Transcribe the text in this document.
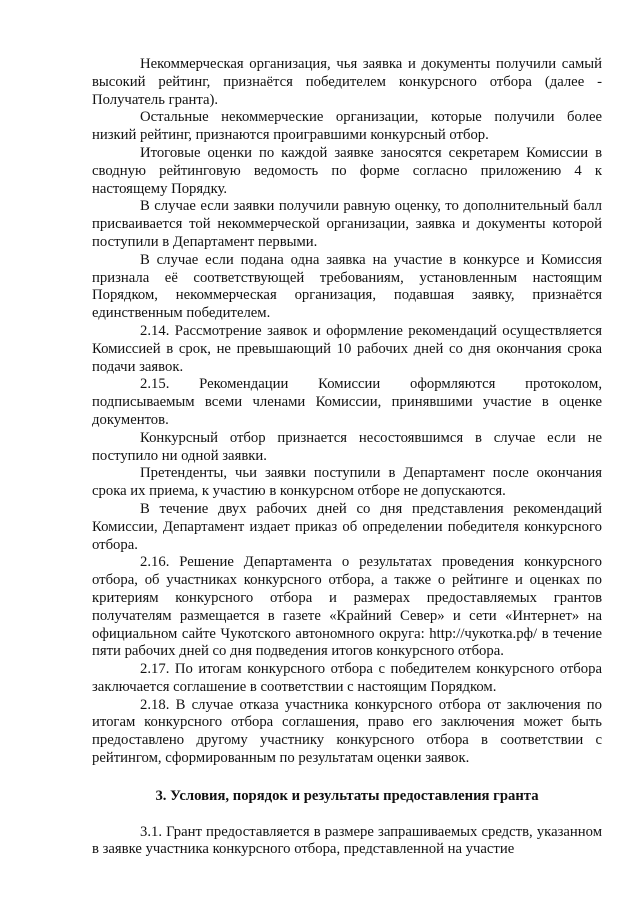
Некоммерческая организация, чья заявка и документы получили самый высокий рейтинг, признаётся победителем конкурсного отбора (далее - Получатель гранта).

Остальные некоммерческие организации, которые получили более низкий рейтинг, признаются проигравшими конкурсный отбор.

Итоговые оценки по каждой заявке заносятся секретарем Комиссии в сводную рейтинговую ведомость по форме согласно приложению 4 к настоящему Порядку.

В случае если заявки получили равную оценку, то дополнительный балл присваивается той некоммерческой организации, заявка и документы которой поступили в Департамент первыми.

В случае если подана одна заявка на участие в конкурсе и Комиссия признала её соответствующей требованиям, установленным настоящим Порядком, некоммерческая организация, подавшая заявку, признаётся единственным победителем.

2.14. Рассмотрение заявок и оформление рекомендаций осуществляется Комиссией в срок, не превышающий 10 рабочих дней со дня окончания срока подачи заявок.

2.15. Рекомендации Комиссии оформляются протоколом, подписываемым всеми членами Комиссии, принявшими участие в оценке документов.

Конкурсный отбор признается несостоявшимся в случае если не поступило ни одной заявки.

Претенденты, чьи заявки поступили в Департамент после окончания срока их приема, к участию в конкурсном отборе не допускаются.

В течение двух рабочих дней со дня представления рекомендаций Комиссии, Департамент издает приказ об определении победителя конкурсного отбора.

2.16. Решение Департамента о результатах проведения конкурсного отбора, об участниках конкурсного отбора, а также о рейтинге и оценках по критериям конкурсного отбора и размерах предоставляемых грантов получателям размещается в газете «Крайний Север» и сети «Интернет» на официальном сайте Чукотского автономного округа: http://чукотка.рф/ в течение пяти рабочих дней со дня подведения итогов конкурсного отбора.

2.17. По итогам конкурсного отбора с победителем конкурсного отбора заключается соглашение в соответствии с настоящим Порядком.

2.18. В случае отказа участника конкурсного отбора от заключения по итогам конкурсного отбора соглашения, право его заключения может быть предоставлено другому участнику конкурсного отбора в соответствии с рейтингом, сформированным по результатам оценки заявок.

3. Условия, порядок и результаты предоставления гранта

3.1. Грант предоставляется в размере запрашиваемых средств, указанном в заявке участника конкурсного отбора, представленной на участие
